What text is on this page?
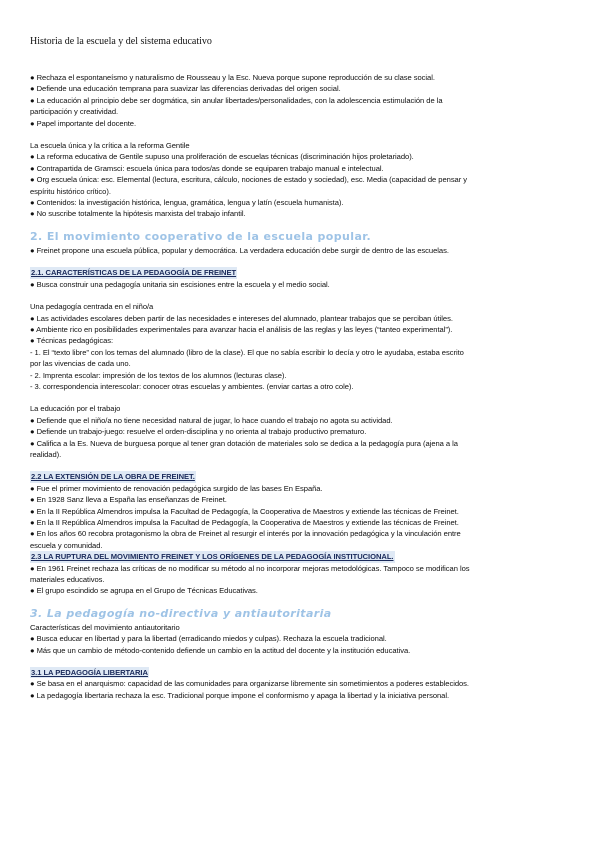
Historia de la escuela y del sistema educativo

● Rechaza el espontaneísmo y naturalismo de Rousseau y la Esc. Nueva porque supone reproducción de su clase social.

● Defiende una educación temprana para suavizar las diferencias derivadas del origen social.

● La educación al principio debe ser dogmática, sin anular libertades/personalidades, con la adolescencia estimulación de la

participación y creatividad.

● Papel importante del docente.

La escuela única y la crítica a la reforma Gentile

● La reforma educativa de Gentile supuso una proliferación de escuelas técnicas (discriminación hijos proletariado).

● Contrapartida de Gramsci: escuela única para todos/as donde se equiparen trabajo manual e intelectual.

● Org escuela única: esc. Elemental (lectura, escritura, cálculo, nociones de estado y sociedad), esc. Media (capacidad de pensar y

espíritu histórico crítico).

● Contenidos: la investigación histórica, lengua, gramática, lengua y latín (escuela humanista).

● No suscribe totalmente la hipótesis marxista del trabajo infantil.

2. El movimiento cooperativo de la escuela popular.

● Freinet propone una escuela pública, popular y democrática. La verdadera educación debe surgir de dentro de las escuelas.

2.1. CARACTERÍSTICAS DE LA PEDAGOGÍA DE FREINET

● Busca construir una pedagogía unitaria sin escisiones entre la escuela y el medio social.

Una pedagogía centrada en el niño/a

● Las actividades escolares deben partir de las necesidades e intereses del alumnado, plantear trabajos que se perciban útiles.

● Ambiente rico en posibilidades experimentales para avanzar hacia el análisis de las reglas y las leyes (“tanteo experimental”).

● Técnicas pedagógicas:

- 1. El “texto libre” con los temas del alumnado (libro de la clase). El que no sabía escribir lo decía y otro le ayudaba, estaba escrito

por las vivencias de cada uno.

- 2. Imprenta escolar: impresión de los textos de los alumnos (lecturas clase).

- 3. correspondencia interescolar: conocer otras escuelas y ambientes. (enviar cartas a otro cole).

La educación por el trabajo

● Defiende que el niño/a no tiene necesidad natural de jugar, lo hace cuando el trabajo no agota su actividad.

● Defiende un trabajo-juego: resuelve el orden-disciplina y no orienta al trabajo productivo prematuro.

● Califica a la Es. Nueva de burguesa porque al tener gran dotación de materiales solo se dedica a la pedagogía pura (ajena a la

realidad).

2.2 LA EXTENSIÓN DE LA OBRA DE FREINET.

● Fue el primer movimiento de renovación pedagógica surgido de las bases En España.

● En 1928 Sanz lleva a España las enseñanzas de Freinet.

● En la II República Almendros impulsa la Facultad de Pedagogía, la Cooperativa de Maestros y extiende las técnicas de Freinet.

● En la II República Almendros impulsa la Facultad de Pedagogía, la Cooperativa de Maestros y extiende las técnicas de Freinet.

● En los años 60 recobra protagonismo la obra de Freinet al resurgir el interés por la innovación pedagógica y la vinculación entre

escuela y comunidad.

2.3 LA RUPTURA DEL MOVIMIENTO FREINET Y LOS ORÍGENES DE LA PEDAGOGÍA INSTITUCIONAL.

● En 1961 Freinet rechaza las críticas de no modificar su método al no incorporar mejoras metodológicas. Tampoco se modifican los

materiales educativos.

● El grupo escindido se agrupa en el Grupo de Técnicas Educativas.

3. La pedagogía no-directiva y antiautoritaria

Características del movimiento antiautoritario

● Busca educar en libertad y para la libertad (erradicando miedos y culpas). Rechaza la escuela tradicional.

● Más que un cambio de método-contenido defiende un cambio en la actitud del docente y la institución educativa.

3.1 LA PEDAGOGÍA LIBERTARIA

● Se basa en el anarquismo: capacidad de las comunidades para organizarse libremente sin sometimientos a poderes establecidos.

● La pedagogía libertaria rechaza la esc. Tradicional porque impone el conformismo y apaga la libertad y la iniciativa personal.
